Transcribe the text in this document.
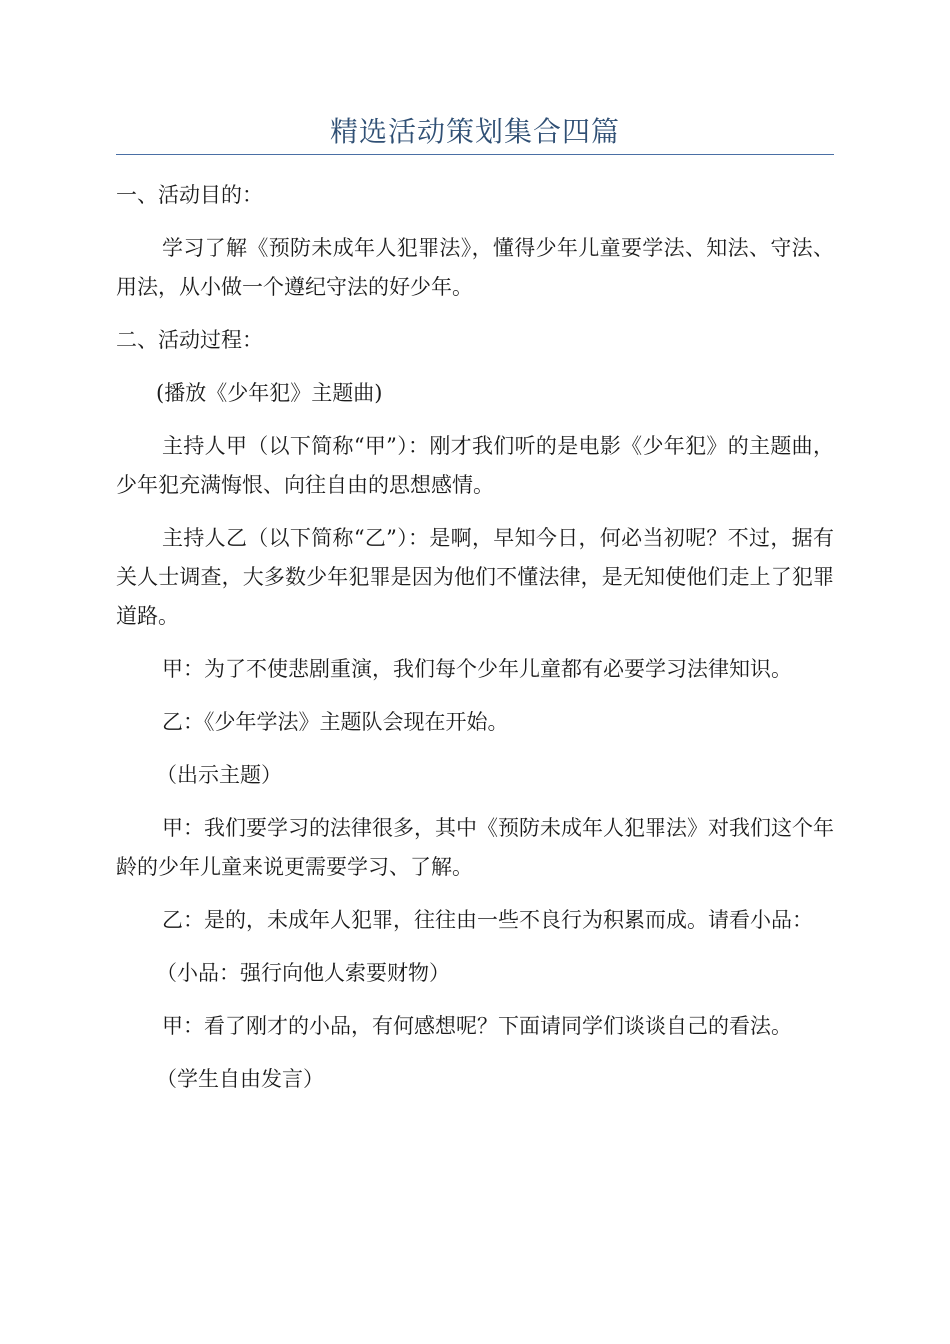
精选活动策划集合四篇

一、活动目的：

学习了解《预防未成年人犯罪法》，懂得少年儿童要学法、知法、守法、用法，从小做一个遵纪守法的好少年。

二、活动过程：

(播放《少年犯》主题曲)

主持人甲（以下简称“甲”）：刚才我们听的是电影《少年犯》的主题曲，少年犯充满悔恨、向往自由的思想感情。

主持人乙（以下简称“乙”）：是啊，早知今日，何必当初呢？不过，据有关人士调查，大多数少年犯罪是因为他们不懂法律，是无知使他们走上了犯罪道路。

甲：为了不使悲剧重演，我们每个少年儿童都有必要学习法律知识。

乙：《少年学法》主题队会现在开始。

（出示主题）

甲：我们要学习的法律很多，其中《预防未成年人犯罪法》对我们这个年龄的少年儿童来说更需要学习、了解。

乙：是的，未成年人犯罪，往往由一些不良行为积累而成。请看小品：

（小品：强行向他人索要财物）

甲：看了刚才的小品，有何感想呢？下面请同学们谈谈自己的看法。

（学生自由发言）
